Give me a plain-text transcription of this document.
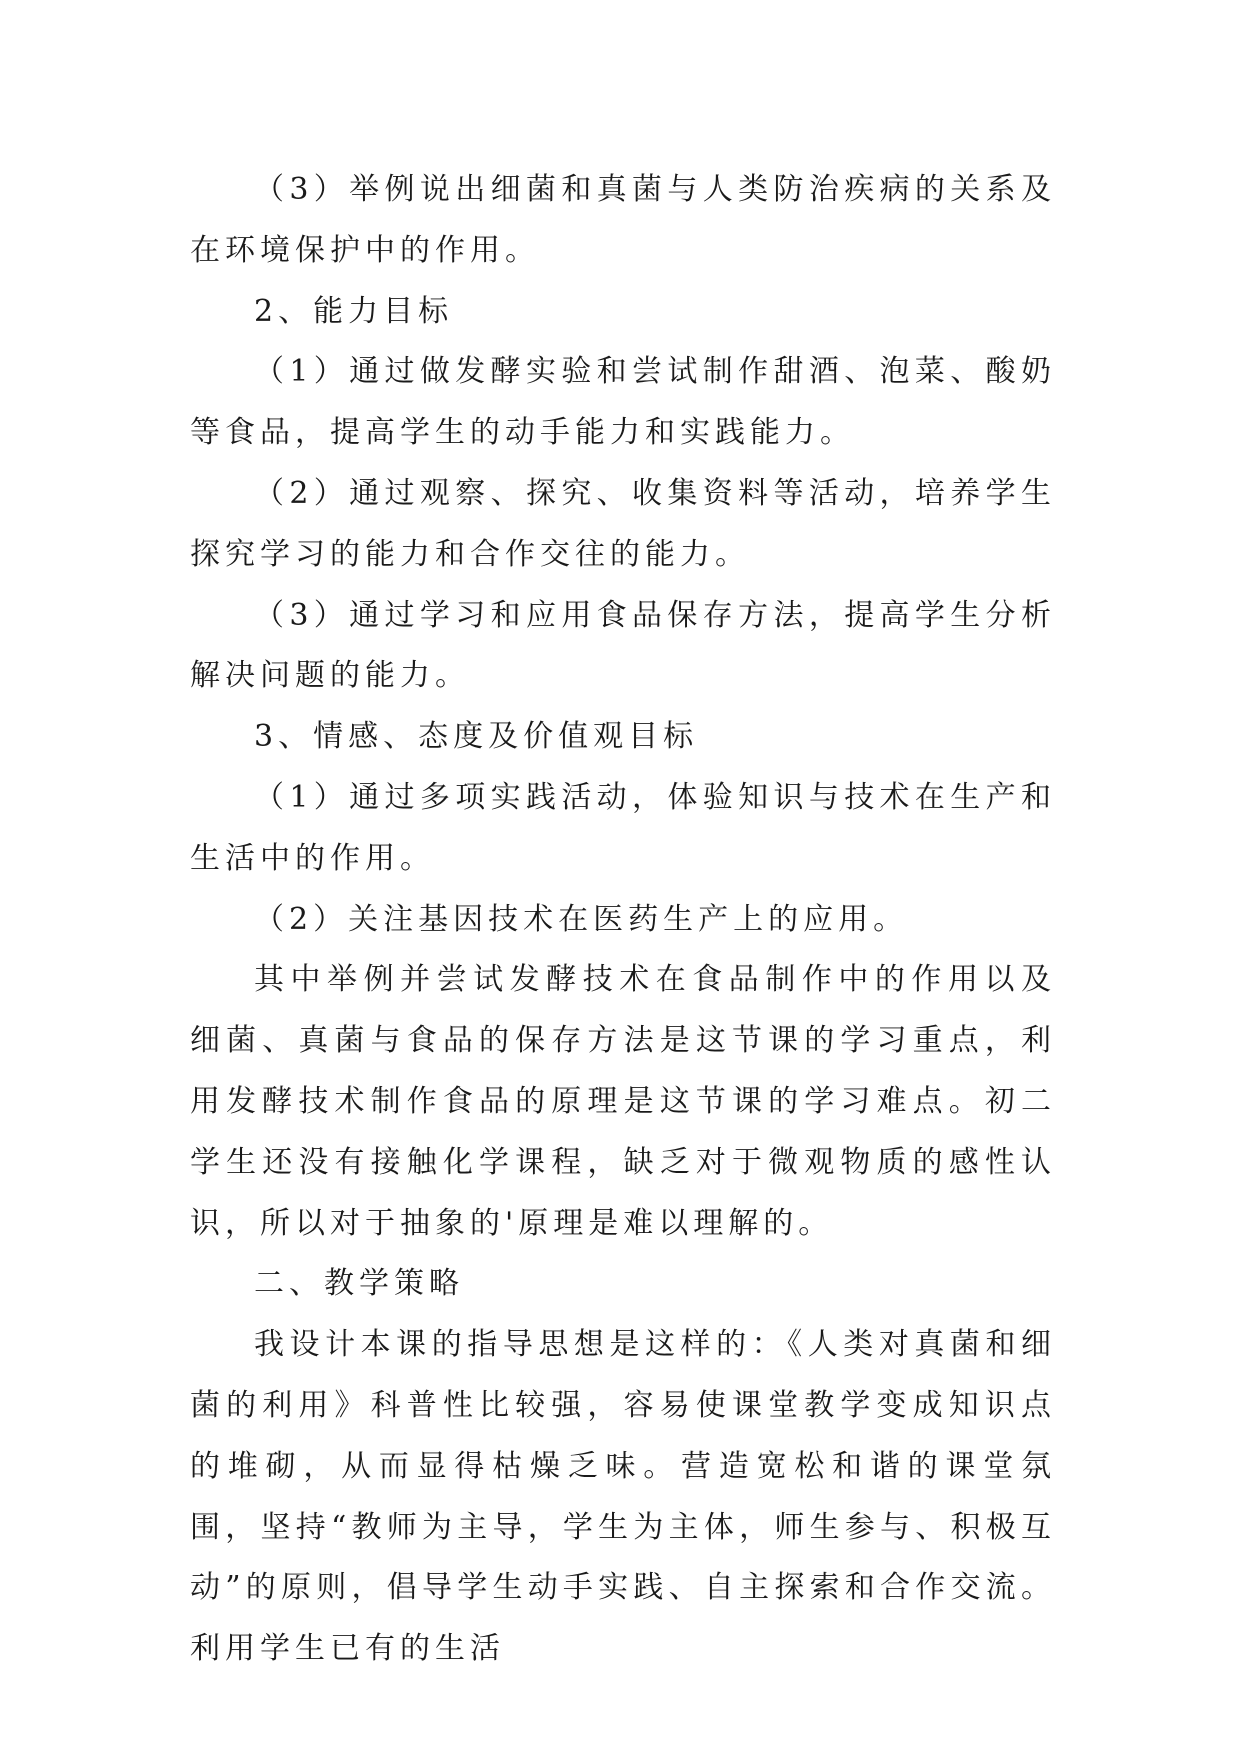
（3）举例说出细菌和真菌与人类防治疾病的关系及在环境保护中的作用。

2、能力目标

（1）通过做发酵实验和尝试制作甜酒、泡菜、酸奶等食品，提高学生的动手能力和实践能力。

（2）通过观察、探究、收集资料等活动，培养学生探究学习的能力和合作交往的能力。

（3）通过学习和应用食品保存方法，提高学生分析解决问题的能力。

3、情感、态度及价值观目标

（1）通过多项实践活动，体验知识与技术在生产和生活中的作用。

（2）关注基因技术在医药生产上的应用。

其中举例并尝试发酵技术在食品制作中的作用以及细菌、真菌与食品的保存方法是这节课的学习重点，利用发酵技术制作食品的原理是这节课的学习难点。初二学生还没有接触化学课程，缺乏对于微观物质的感性认识，所以对于抽象的'原理是难以理解的。

二、教学策略

我设计本课的指导思想是这样的：《人类对真菌和细菌的利用》科普性比较强，容易使课堂教学变成知识点的堆砌，从而显得枯燥乏味。营造宽松和谐的课堂氛围，坚持“教师为主导，学生为主体，师生参与、积极互动”的原则，倡导学生动手实践、自主探索和合作交流。利用学生已有的生活
